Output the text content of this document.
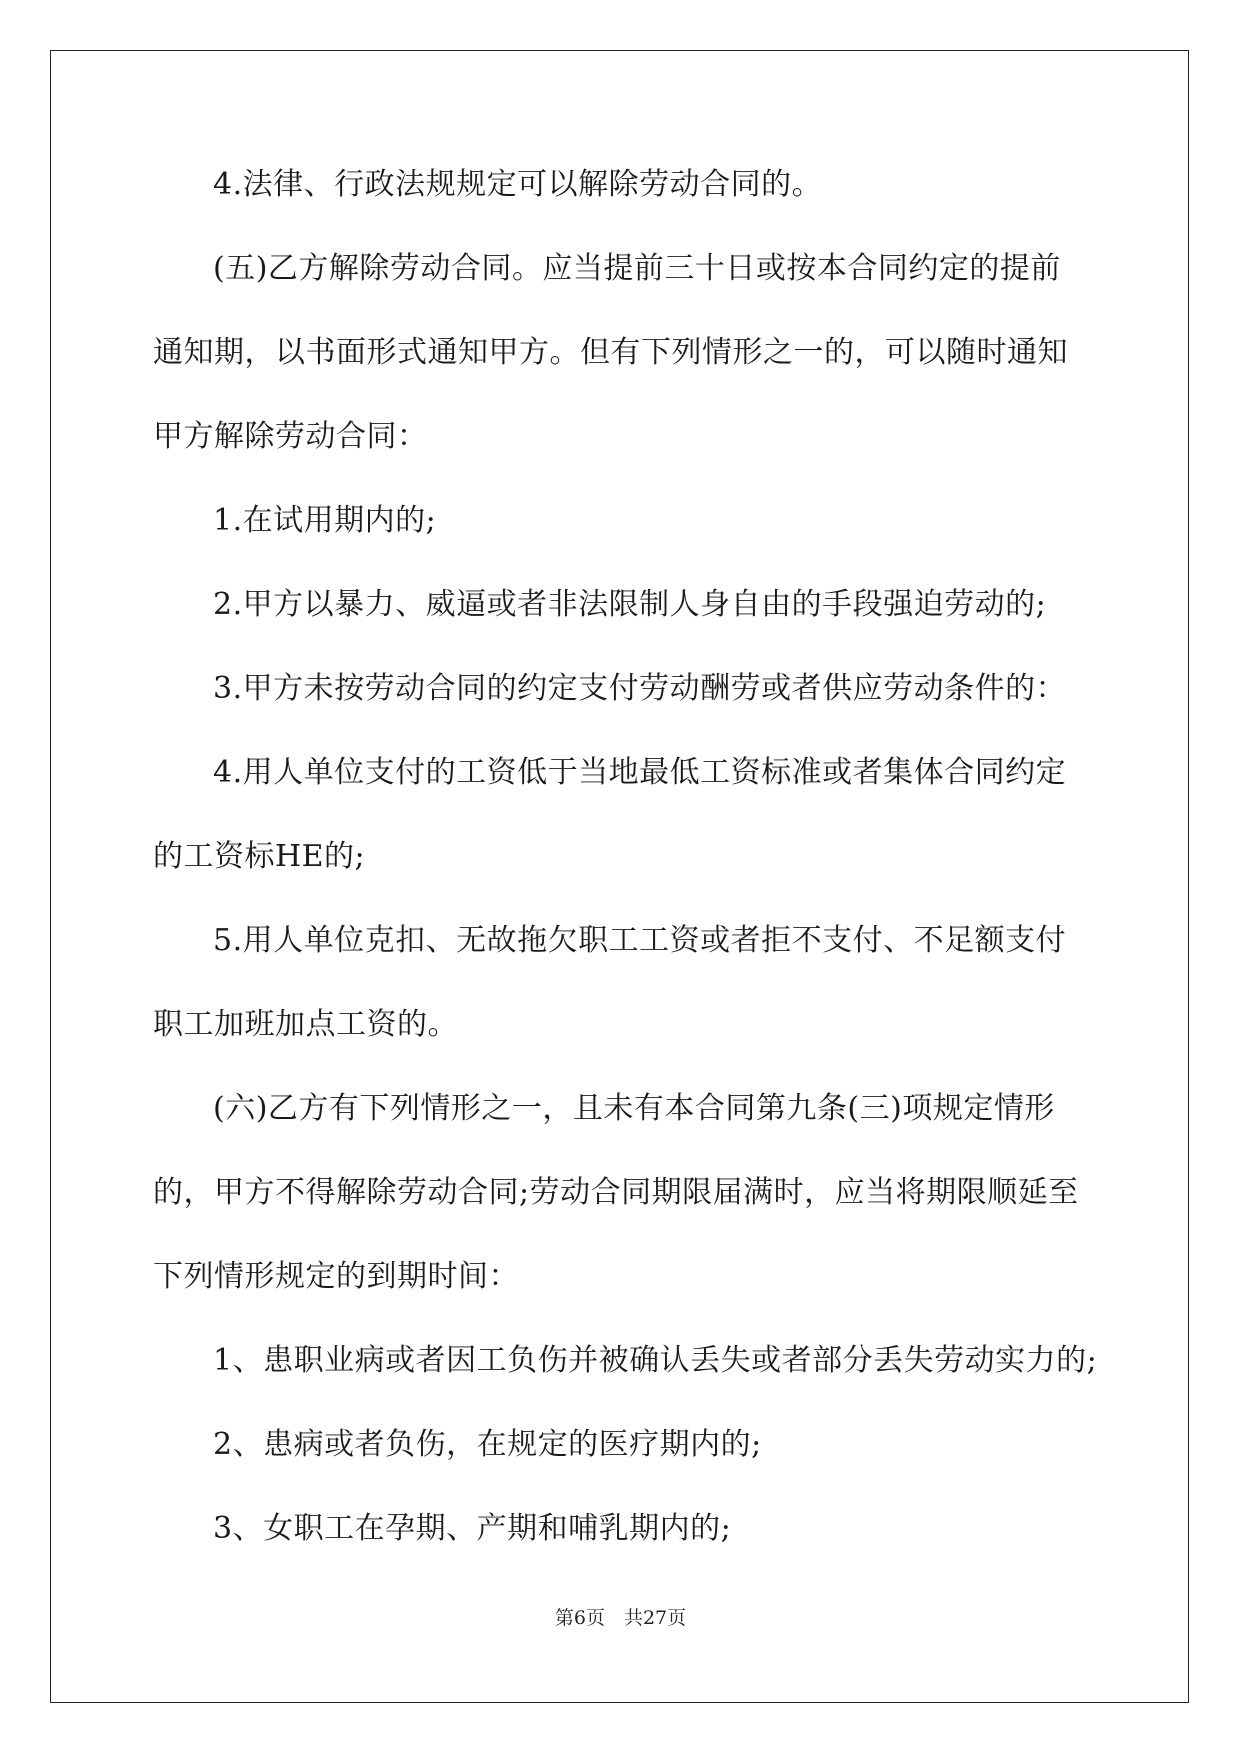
4.法律、行政法规规定可以解除劳动合同的。
(五)乙方解除劳动合同。应当提前三十日或按本合同约定的提前
通知期，以书面形式通知甲方。但有下列情形之一的，可以随时通知
甲方解除劳动合同：
1.在试用期内的;
2.甲方以暴力、威逼或者非法限制人身自由的手段强迫劳动的;
3.甲方未按劳动合同的约定支付劳动酬劳或者供应劳动条件的：
4.用人单位支付的工资低于当地最低工资标准或者集体合同约定
的工资标HE的;
5.用人单位克扣、无故拖欠职工工资或者拒不支付、不足额支付
职工加班加点工资的。
(六)乙方有下列情形之一，且未有本合同第九条(三)项规定情形
的，甲方不得解除劳动合同;劳动合同期限届满时，应当将期限顺延至
下列情形规定的到期时间：
1、患职业病或者因工负伤并被确认丢失或者部分丢失劳动实力的;
2、患病或者负伤，在规定的医疗期内的;
3、女职工在孕期、产期和哺乳期内的;
第6页　共27页
